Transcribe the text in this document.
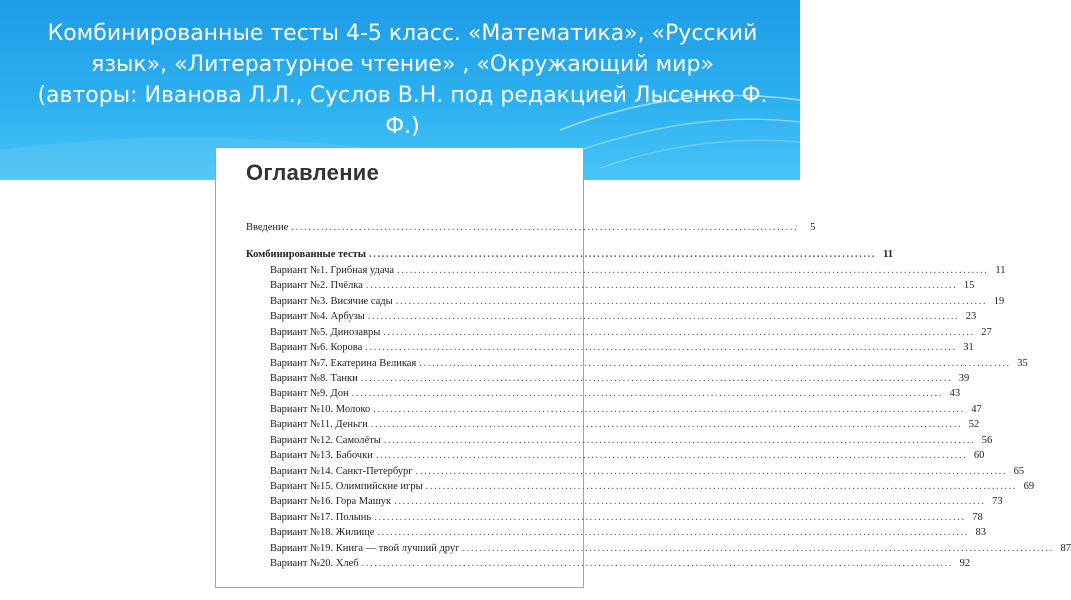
Комбинированные тесты 4-5 класс. «Математика», «Русский
язык», «Литературное чтение» , «Окружающий мир»
(авторы: Иванова Л.Л., Суслов В.Н. под редакцией Лысенко Ф.
Ф.)
Оглавление
Введение ........................................................................................................................	5
Комбинированные тесты ........................................................................................................................ 11
Вариант №1. Грибная удача ............................................................................................................................................ 11
Вариант №2. Пчёлка ............................................................................................................................................ 15
Вариант №3. Висячие сады ............................................................................................................................................ 19
Вариант №4. Арбузы ............................................................................................................................................ 23
Вариант №5. Динозавры ............................................................................................................................................ 27
Вариант №6. Корова ............................................................................................................................................ 31
Вариант №7. Екатерина Великая ............................................................................................................................................ 35
Вариант №8. Танки ............................................................................................................................................ 39
Вариант №9. Дон ............................................................................................................................................ 43
Вариант №10. Молоко ............................................................................................................................................ 47
Вариант №11. Деньги ............................................................................................................................................ 52
Вариант №12. Самолёты ............................................................................................................................................ 56
Вариант №13. Бабочки ............................................................................................................................................ 60
Вариант №14. Санкт-Петербург ............................................................................................................................................ 65
Вариант №15. Олимпийские игры ............................................................................................................................................ 69
Вариант №16. Гора Машук ............................................................................................................................................ 73
Вариант №17. Полынь ............................................................................................................................................ 78
Вариант №18. Жилище ............................................................................................................................................ 83
Вариант №19. Книга — твой лучший друг ............................................................................................................................................ 87
Вариант №20. Хлеб ............................................................................................................................................ 92
